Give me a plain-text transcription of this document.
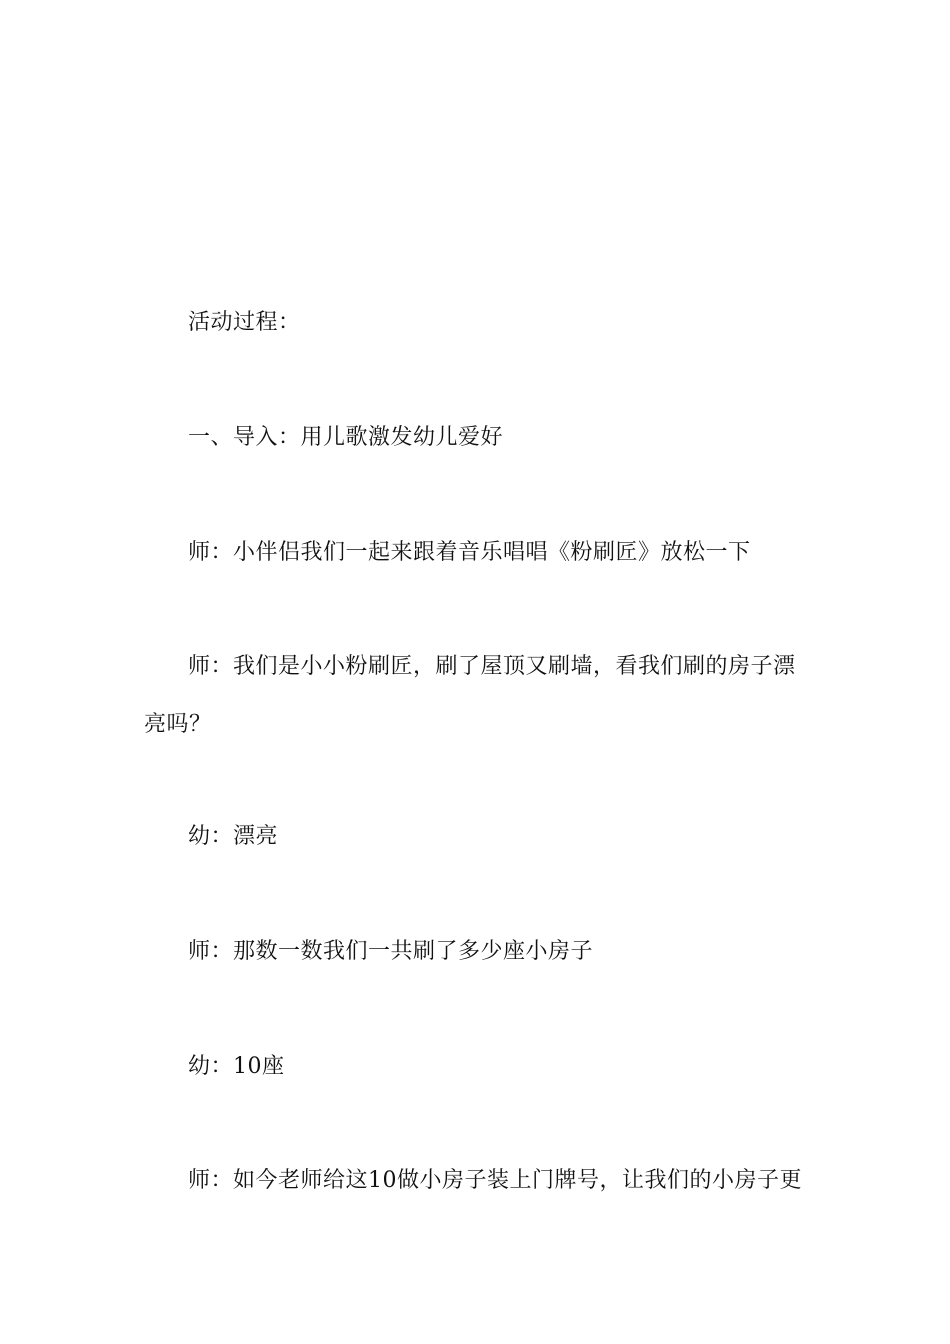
活动过程：

一、导入：用儿歌激发幼儿爱好

师：小伴侣我们一起来跟着音乐唱唱《粉刷匠》放松一下

师：我们是小小粉刷匠，刷了屋顶又刷墙，看我们刷的房子漂亮吗？

幼：漂亮

师：那数一数我们一共刷了多少座小房子

幼：10座

师：如今老师给这10做小房子装上门牌号，让我们的小房子更
